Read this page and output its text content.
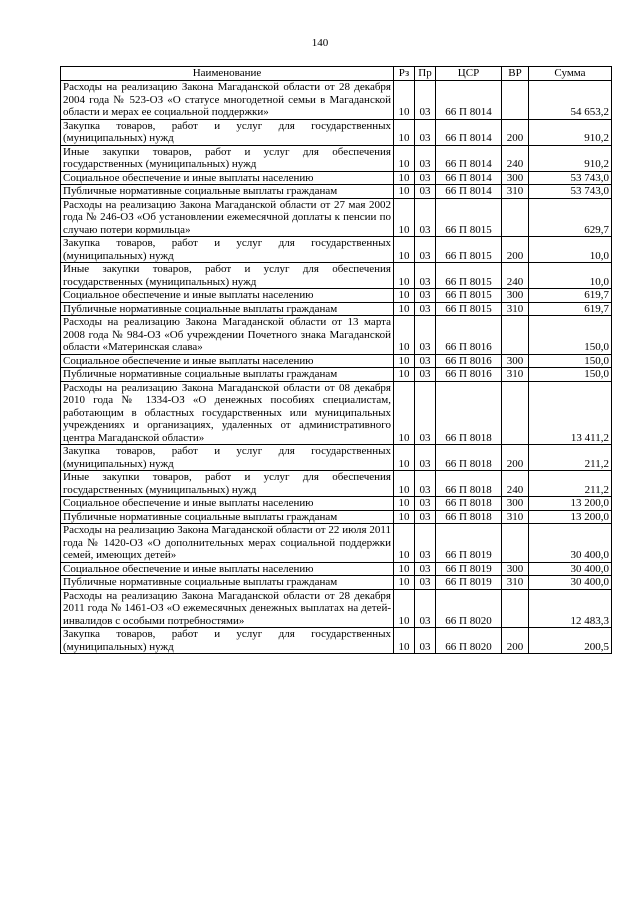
140
Наименование	Рз	Пр	ЦСР	ВР	Сумма
Расходы на реализацию Закона Магаданской области от 28 декабря 2004 года № 523-ОЗ «О статусе многодетной семьи в Магаданской области и мерах ее социальной поддержки»	10	03	66 П 8014		54 653,2
Закупка товаров, работ и услуг для государственных (муниципальных) нужд	10	03	66 П 8014	200	910,2
Иные закупки товаров, работ и услуг для обеспечения государственных (муниципальных) нужд	10	03	66 П 8014	240	910,2
Социальное обеспечение и иные выплаты населению	10	03	66 П 8014	300	53 743,0
Публичные нормативные социальные выплаты гражданам	10	03	66 П 8014	310	53 743,0
Расходы на реализацию Закона Магаданской области от 27 мая 2002 года № 246-ОЗ «Об установлении ежемесячной доплаты к пенсии по случаю потери кормильца»	10	03	66 П 8015		629,7
Закупка товаров, работ и услуг для государственных (муниципальных) нужд	10	03	66 П 8015	200	10,0
Иные закупки товаров, работ и услуг для обеспечения государственных (муниципальных) нужд	10	03	66 П 8015	240	10,0
Социальное обеспечение и иные выплаты населению	10	03	66 П 8015	300	619,7
Публичные нормативные социальные выплаты гражданам	10	03	66 П 8015	310	619,7
Расходы на реализацию Закона Магаданской области от 13 марта 2008 года № 984-ОЗ «Об учреждении Почетного знака Магаданской области «Материнская слава»	10	03	66 П 8016		150,0
Социальное обеспечение и иные выплаты населению	10	03	66 П 8016	300	150,0
Публичные нормативные социальные выплаты гражданам	10	03	66 П 8016	310	150,0
Расходы на реализацию Закона Магаданской области от 08 декабря 2010 года № 1334-ОЗ «О денежных пособиях специалистам, работающим в областных государственных или муниципальных учреждениях и организациях, удаленных от административного центра Магаданской области»	10	03	66 П 8018		13 411,2
Закупка товаров, работ и услуг для государственных (муниципальных) нужд	10	03	66 П 8018	200	211,2
Иные закупки товаров, работ и услуг для обеспечения государственных (муниципальных) нужд	10	03	66 П 8018	240	211,2
Социальное обеспечение и иные выплаты населению	10	03	66 П 8018	300	13 200,0
Публичные нормативные социальные выплаты гражданам	10	03	66 П 8018	310	13 200,0
Расходы на реализацию Закона Магаданской области от 22 июля 2011 года № 1420-ОЗ «О дополнительных мерах социальной поддержки семей, имеющих детей»	10	03	66 П 8019		30 400,0
Социальное обеспечение и иные выплаты населению	10	03	66 П 8019	300	30 400,0
Публичные нормативные социальные выплаты гражданам	10	03	66 П 8019	310	30 400,0
Расходы на реализацию Закона Магаданской области от 28 декабря 2011 года № 1461-ОЗ «О ежемесячных денежных выплатах на детей-инвалидов с особыми потребностями»	10	03	66 П 8020		12 483,3
Закупка товаров, работ и услуг для государственных (муниципальных) нужд	10	03	66 П 8020	200	200,5
